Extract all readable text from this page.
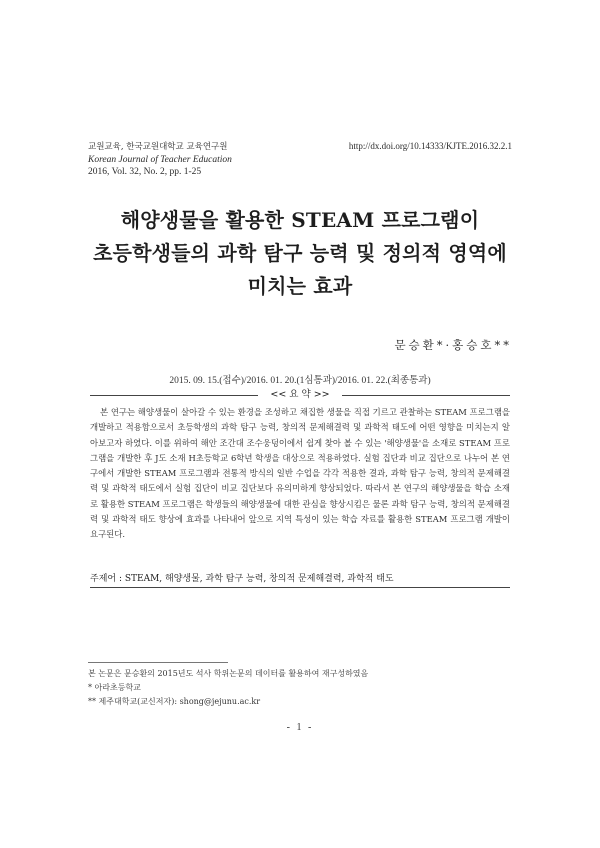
교원교육, 한국교원대학교 교육연구원
Korean Journal of Teacher Education
2016, Vol. 32, No. 2, pp. 1-25
http://dx.doi.org/10.14333/KJTE.2016.32.2.1
해양생물을 활용한 STEAM 프로그램이
초등학생들의 과학 탐구 능력 및 정의적 영역에
미치는 효과
문승환*·홍승호**
2015. 09. 15.(접수)/2016. 01. 20.(1심통과)/2016. 01. 22.(최종통과)
<< 요 약 >>

본 연구는 해양생물이 살아갈 수 있는 환경을 조성하고 채집한 생물을 직접 기르고 관찰하는 STEAM 프로그램을 개발하고 적용함으로서 초등학생의 과학 탐구 능력, 창의적 문제해결력 및 과학적 태도에 어떤 영향을 미치는지 알아보고자 하였다. 이를 위하여 해안 조간대 조수웅덩이에서 쉽게 찾아 볼 수 있는 '해양생물'을 소재로 STEAM 프로그램을 개발한 후 J도 소재 H초등학교 6학년 학생을 대상으로 적용하였다. 실험 집단과 비교 집단으로 나누어 본 연구에서 개발한 STEAM 프로그램과 전통적 방식의 일반 수업을 각각 적용한 결과, 과학 탐구 능력, 창의적 문제해결력 및 과학적 태도에서 실험 집단이 비교 집단보다 유의미하게 향상되었다. 따라서 본 연구의 해양생물을 학습 소재로 활용한 STEAM 프로그램은 학생들의 해양생물에 대한 관심을 향상시킴은 물론 과학 탐구 능력, 창의적 문제해결력 및 과학적 태도 향상에 효과를 나타내어 앞으로 지역 특성이 있는 학습 자료를 활용한 STEAM 프로그램 개발이 요구된다.

주제어 : STEAM, 해양생물, 과학 탐구 능력, 창의적 문제해결력, 과학적 태도
본 논문은 문승환의 2015년도 석사 학위논문의 데이터를 활용하여 재구성하였음
* 아라초등학교
** 제주대학교(교신저자): shong@jejunu.ac.kr
- 1 -
